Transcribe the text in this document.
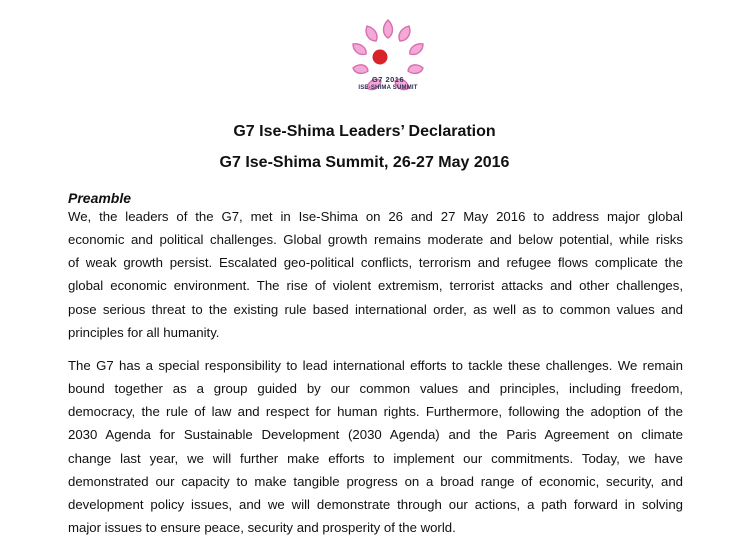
G7 2016
ISE-SHIMA SUMMIT
G7 Ise-Shima Leaders’ Declaration
G7 Ise-Shima Summit, 26-27 May 2016
Preamble

We, the leaders of the G7, met in Ise-Shima on 26 and 27 May 2016 to address major global
economic and political challenges. Global growth remains moderate and below potential, while risks
of weak growth persist. Escalated geo-political conflicts, terrorism and refugee flows complicate the
global economic environment. The rise of violent extremism, terrorist attacks and other challenges,
pose serious threat to the existing rule based international order, as well as to common values and
principles for all humanity.

The G7 has a special responsibility to lead international efforts to tackle these challenges. We remain
bound together as a group guided by our common values and principles, including freedom,
democracy, the rule of law and respect for human rights. Furthermore, following the adoption of the
2030 Agenda for Sustainable Development (2030 Agenda) and the Paris Agreement on climate
change last year, we will further make efforts to implement our commitments. Today, we have
demonstrated our capacity to make tangible progress on a broad range of economic, security, and
development policy issues, and we will demonstrate through our actions, a path forward in solving
major issues to ensure peace, security and prosperity of the world.
